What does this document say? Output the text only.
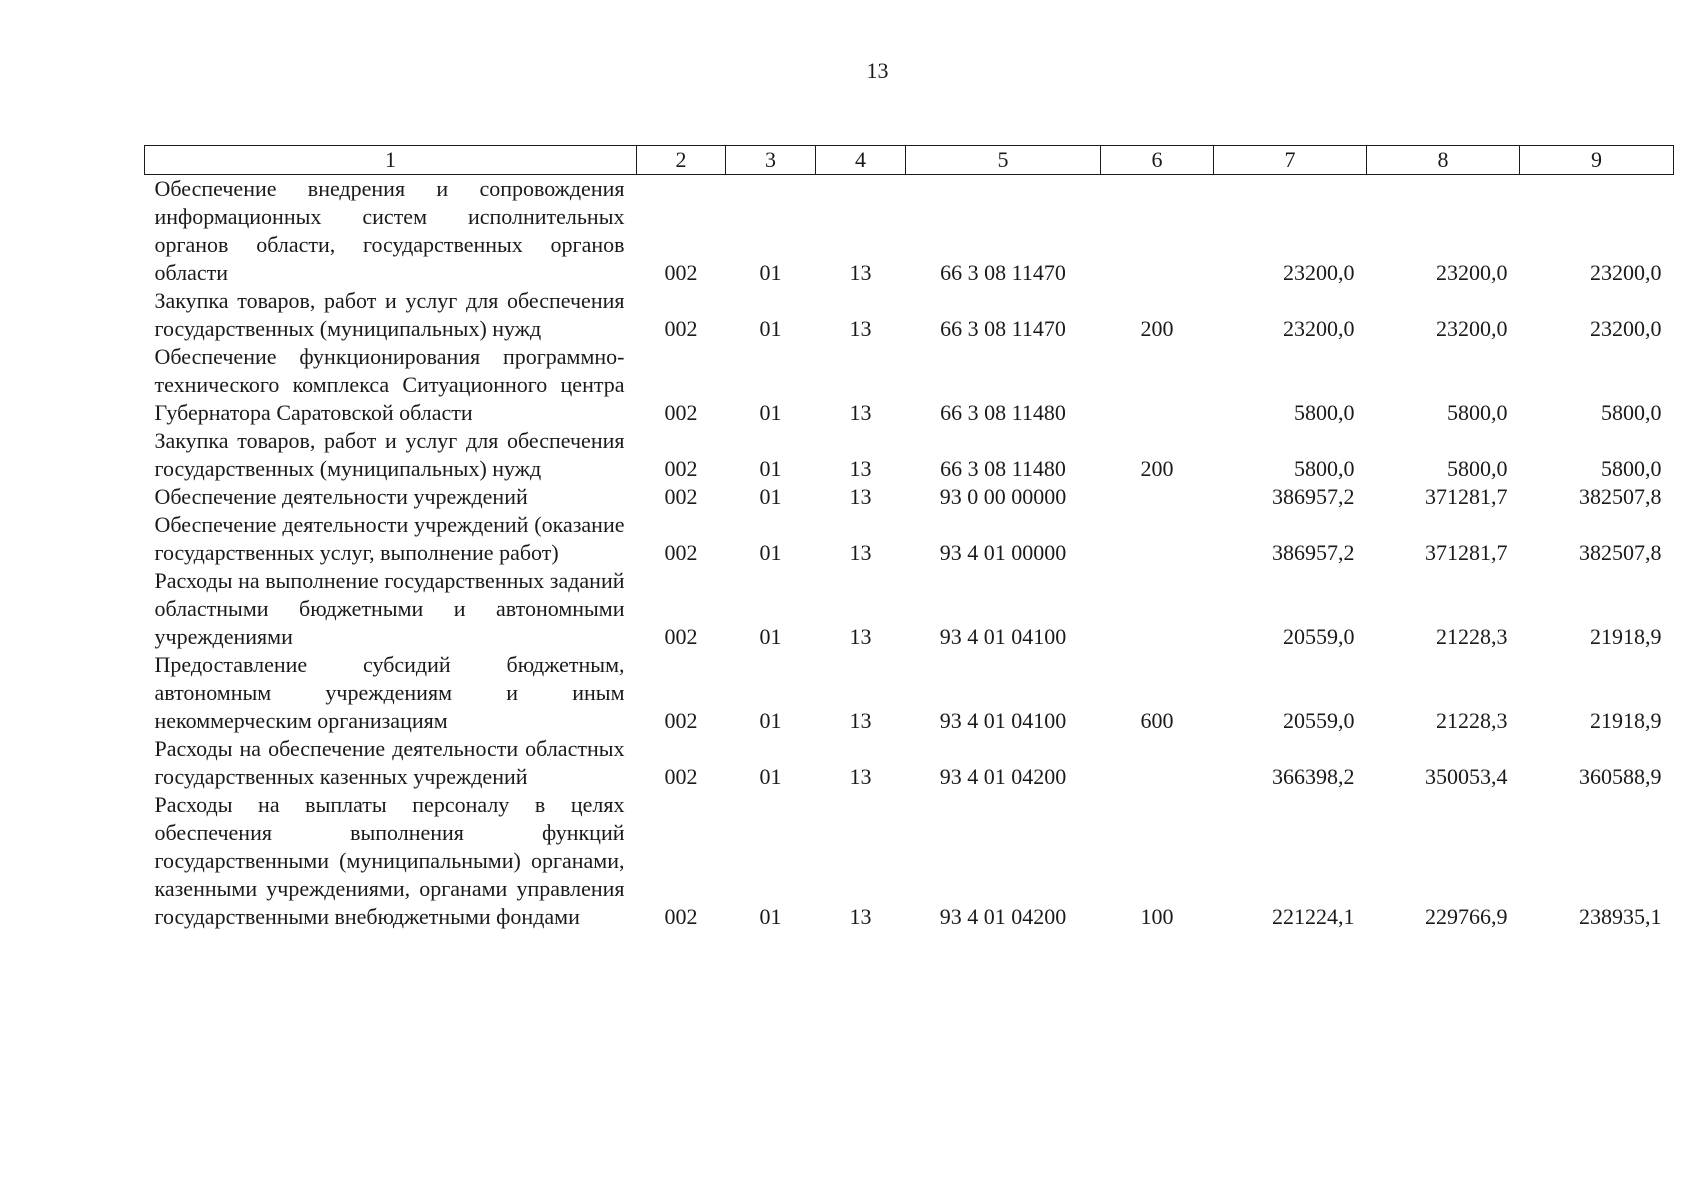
13
1	2	3	4	5	6	7	8	9
Обеспечение внедрения и сопровождения информационных систем исполнительных органов области, государственных органов области	002	01	13	66 3 08 11470		23200,0	23200,0	23200,0
Закупка товаров, работ и услуг для обеспечения государственных (муниципальных) нужд	002	01	13	66 3 08 11470	200	23200,0	23200,0	23200,0
Обеспечение функционирования программно-технического комплекса Ситуационного центра Губернатора Саратовской области	002	01	13	66 3 08 11480		5800,0	5800,0	5800,0
Закупка товаров, работ и услуг для обеспечения государственных (муниципальных) нужд	002	01	13	66 3 08 11480	200	5800,0	5800,0	5800,0
Обеспечение деятельности учреждений	002	01	13	93 0 00 00000		386957,2	371281,7	382507,8
Обеспечение деятельности учреждений (оказание государственных услуг, выполнение работ)	002	01	13	93 4 01 00000		386957,2	371281,7	382507,8
Расходы на выполнение государственных заданий областными бюджетными и автономными учреждениями	002	01	13	93 4 01 04100		20559,0	21228,3	21918,9
Предоставление субсидий бюджетным, автономным учреждениям и иным некоммерческим организациям	002	01	13	93 4 01 04100	600	20559,0	21228,3	21918,9
Расходы на обеспечение деятельности областных государственных казенных учреждений	002	01	13	93 4 01 04200		366398,2	350053,4	360588,9
Расходы на выплаты персоналу в целях обеспечения выполнения функций государственными (муниципальными) органами, казенными учреждениями, органами управления государственными внебюджетными фондами	002	01	13	93 4 01 04200	100	221224,1	229766,9	238935,1
